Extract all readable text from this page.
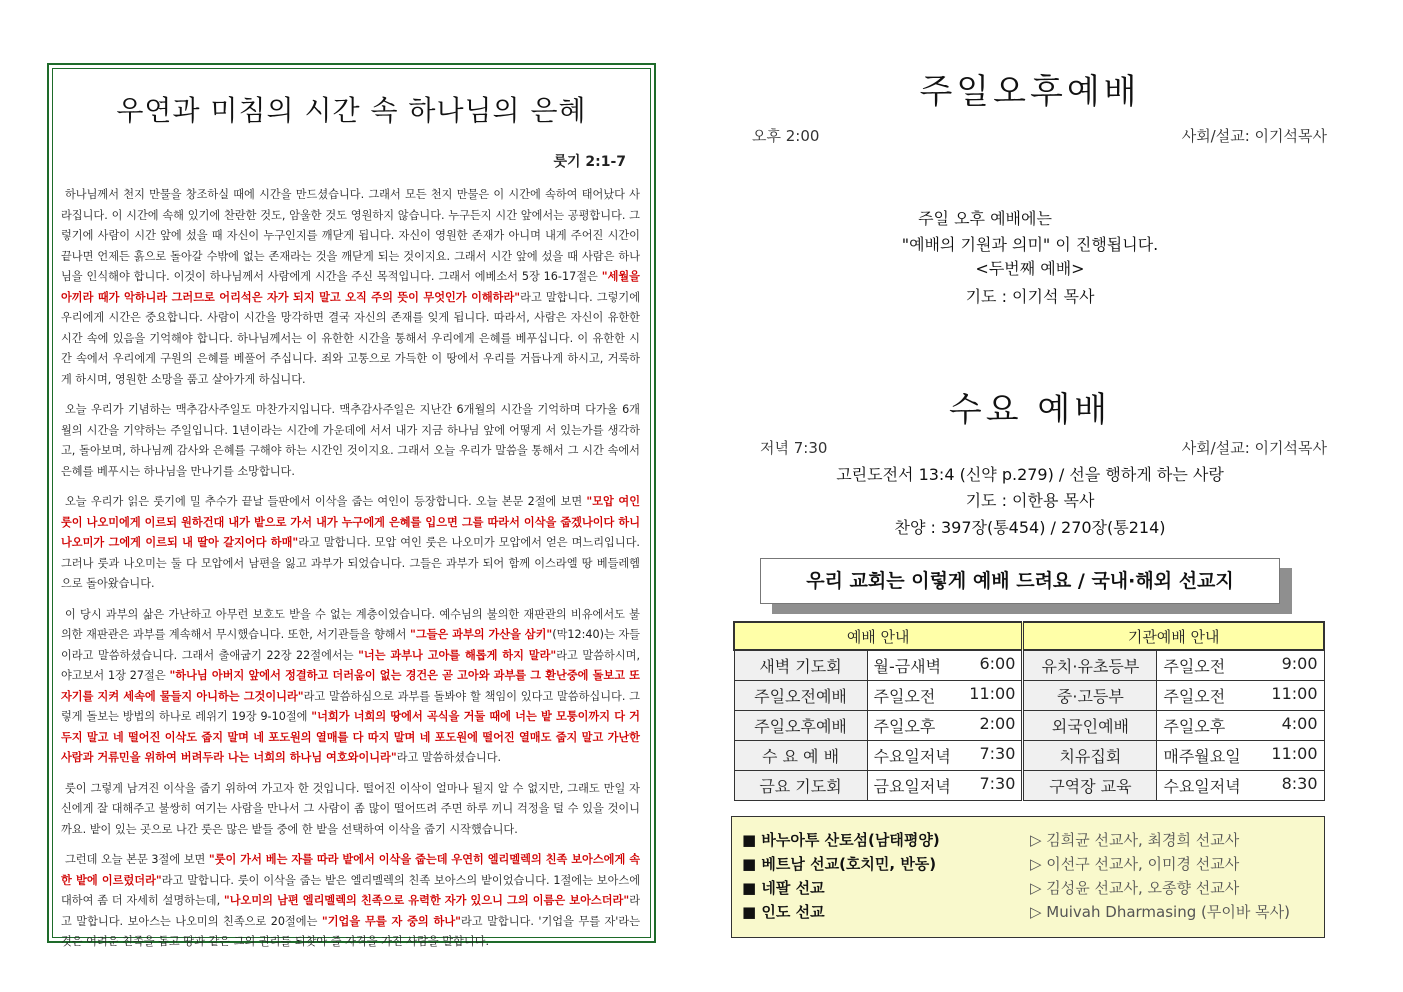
우연과 미침의 시간 속 하나님의 은혜
룻기 2:1-7

하나님께서 천지 만물을 창조하실 때에 시간을 만드셨습니다. 그래서 모든 천지 만물은 이 시간에 속하여 태어났다 사라집니다. 이 시간에 속해 있기에 찬란한 것도, 암울한 것도 영원하지 않습니다. 누구든지 시간 앞에서는 공평합니다. 그렇기에 사람이 시간 앞에 섰을 때 자신이 누구인지를 깨닫게 됩니다. 자신이 영원한 존재가 아니며 내게 주어진 시간이 끝나면 언제든 흙으로 돌아갈 수밖에 없는 존재라는 것을 깨닫게 되는 것이지요. 그래서 시간 앞에 섰을 때 사람은 하나님을 인식해야 합니다. 이것이 하나님께서 사람에게 시간을 주신 목적입니다. 그래서 에베소서 5장 16-17절은 "세월을 아끼라 때가 악하니라 그러므로 어리석은 자가 되지 말고 오직 주의 뜻이 무엇인가 이해하라"라고 말합니다. 그렇기에 우리에게 시간은 중요합니다. 사람이 시간을 망각하면 결국 자신의 존재를 잊게 됩니다. 따라서, 사람은 자신이 유한한 시간 속에 있음을 기억해야 합니다. 하나님께서는 이 유한한 시간을 통해서 우리에게 은혜를 베푸십니다. 이 유한한 시간 속에서 우리에게 구원의 은혜를 베풀어 주십니다. 죄와 고통으로 가득한 이 땅에서 우리를 거듭나게 하시고, 거룩하게 하시며, 영원한 소망을 품고 살아가게 하십니다.

오늘 우리가 기념하는 맥추감사주일도 마찬가지입니다. 맥추감사주일은 지난간 6개월의 시간을 기억하며 다가올 6개월의 시간을 기약하는 주일입니다. 1년이라는 시간에 가운데에 서서 내가 지금 하나님 앞에 어떻게 서 있는가를 생각하고, 돌아보며, 하나님께 감사와 은혜를 구해야 하는 시간인 것이지요. 그래서 오늘 우리가 말씀을 통해서 그 시간 속에서 은혜를 베푸시는 하나님을 만나기를 소망합니다.

오늘 우리가 읽은 룻기에 밀 추수가 끝날 들판에서 이삭을 줍는 여인이 등장합니다. 오늘 본문 2절에 보면 "모압 여인 룻이 나오미에게 이르되 원하건대 내가 밭으로 가서 내가 누구에게 은혜를 입으면 그를 따라서 이삭을 줍겠나이다 하니 나오미가 그에게 이르되 내 딸아 갈지어다 하매"라고 말합니다. 모압 여인 룻은 나오미가 모압에서 얻은 며느리입니다. 그러나 룻과 나오미는 둘 다 모압에서 남편을 잃고 과부가 되었습니다. 그들은 과부가 되어 함께 이스라엘 땅 베들레헴으로 돌아왔습니다.

이 당시 과부의 삶은 가난하고 아무런 보호도 받을 수 없는 계층이었습니다. 예수님의 불의한 재판관의 비유에서도 불의한 재판관은 과부를 계속해서 무시했습니다. 또한, 서기관들을 향해서 "그들은 과부의 가산을 삼키"(막12:40)는 자들이라고 말씀하셨습니다. 그래서 출애굽기 22장 22절에서는 "너는 과부나 고아를 해롭게 하지 말라"라고 말씀하시며, 야고보서 1장 27절은 "하나님 아버지 앞에서 정결하고 더러움이 없는 경건은 곧 고아와 과부를 그 환난중에 돌보고 또 자기를 지켜 세속에 물들지 아니하는 그것이니라"라고 말씀하심으로 과부를 돌봐야 할 책임이 있다고 말씀하십니다. 그렇게 돌보는 방법의 하나로 레위기 19장 9-10절에 "너희가 너희의 땅에서 곡식을 거둘 때에 너는 밭 모퉁이까지 다 거두지 말고 네 떨어진 이삭도 줍지 말며 네 포도원의 열매를 다 따지 말며 네 포도원에 떨어진 열매도 줍지 말고 가난한 사람과 거류민을 위하여 버려두라 나는 너희의 하나님 여호와이니라"라고 말씀하셨습니다.

룻이 그렇게 남겨진 이삭을 줍기 위하여 가고자 한 것입니다. 떨어진 이삭이 얼마나 될지 알 수 없지만, 그래도 만일 자신에게 잘 대해주고 불쌍히 여기는 사람을 만나서 그 사람이 좀 많이 떨어뜨려 주면 하루 끼니 걱정을 덜 수 있을 것이니까요. 밭이 있는 곳으로 나간 룻은 많은 밭들 중에 한 밭을 선택하여 이삭을 줍기 시작했습니다.

그런데 오늘 본문 3절에 보면 "룻이 가서 베는 자를 따라 밭에서 이삭을 줍는데 우연히 엘리멜렉의 친족 보아스에게 속한 밭에 이르렀더라"라고 말합니다. 룻이 이삭을 줍는 밭은 엘리멜렉의 친족 보아스의 밭이었습니다. 1절에는 보아스에 대하여 좀 더 자세히 설명하는데, "나오미의 남편 엘리멜렉의 친족으로 유력한 자가 있으니 그의 이름은 보아스더라"라고 말합니다. 보아스는 나오미의 친족으로 20절에는 "기업을 무를 자 중의 하나"라고 말합니다. '기업을 무를 자'라는 것은 어려운 친족을 돕고 땅과 같은 그의 권리를 되찾아 줄 자격을 가진 사람을 말합니다.

주일오후예배
오후 2:00	사회/설교: 이기석목사
주일 오후 예배에는
"예배의 기원과 의미" 이 진행됩니다.
<두번째 예배>
기도 : 이기석 목사
수요 예배
저녁 7:30	사회/설교: 이기석목사
고린도전서 13:4 (신약 p.279) / 선을 행하게 하는 사랑
기도 : 이한용 목사
찬양 : 397장(통454) / 270장(통214)
우리 교회는 이렇게 예배 드려요 / 국내·해외 선교지
예배 안내		기관예배 안내	
새벽 기도회	월-금새벽 6:00	유치·유초등부	주일오전 9:00

주일오전예배	주일오전 11:00	중·고등부	주일오전 11:00

주일오후예배	주일오후 2:00	외국인예배	주일오후 4:00

수 요 예 배	수요일저녁 7:30	치유집회	매주월요일 11:00

금요 기도회	금요일저녁 7:30	구역장 교육	수요일저녁 8:30
■ 바누아투 산토섬(남태평양)	▷ 김희균 선교사, 최경희 선교사
■ 베트남 선교(호치민, 반동)	▷ 이선구 선교사, 이미경 선교사
■ 네팔 선교	▷ 김성윤 선교사, 오종향 선교사
■ 인도 선교	▷ Muivah Dharmasing (무이바 목사)
